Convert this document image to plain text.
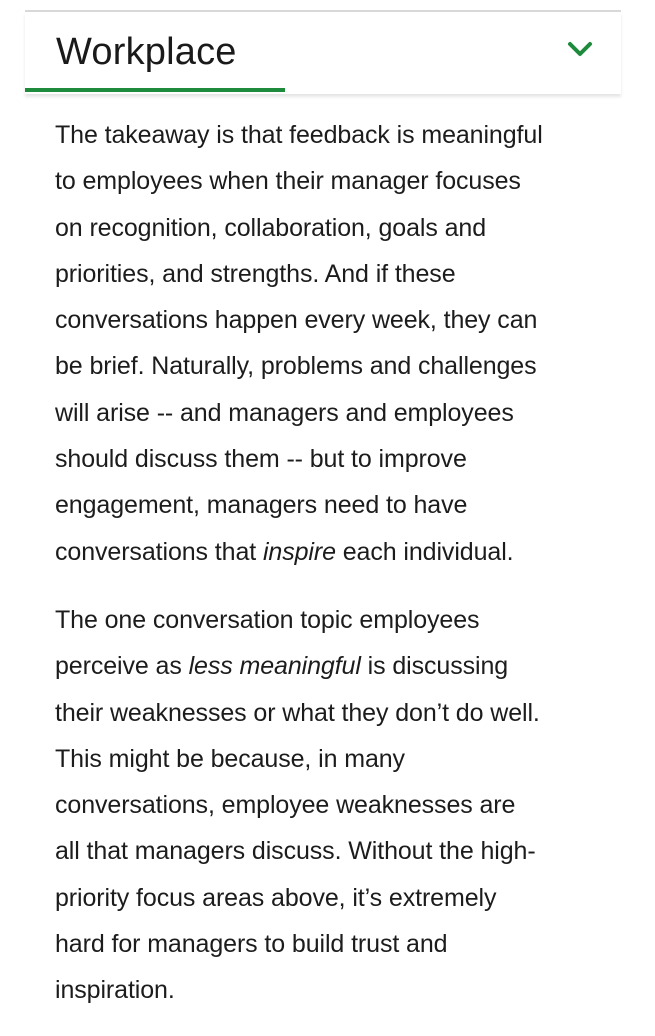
Workplace

The takeaway is that feedback is meaningful
to employees when their manager focuses
on recognition, collaboration, goals and
priorities, and strengths. And if these
conversations happen every week, they can
be brief. Naturally, problems and challenges
will arise -- and managers and employees
should discuss them -- but to improve
engagement, managers need to have
conversations that inspire each individual.

The one conversation topic employees
perceive as less meaningful is discussing
their weaknesses or what they don’t do well.
This might be because, in many
conversations, employee weaknesses are
all that managers discuss. Without the high-
priority focus areas above, it’s extremely
hard for managers to build trust and
inspiration.
